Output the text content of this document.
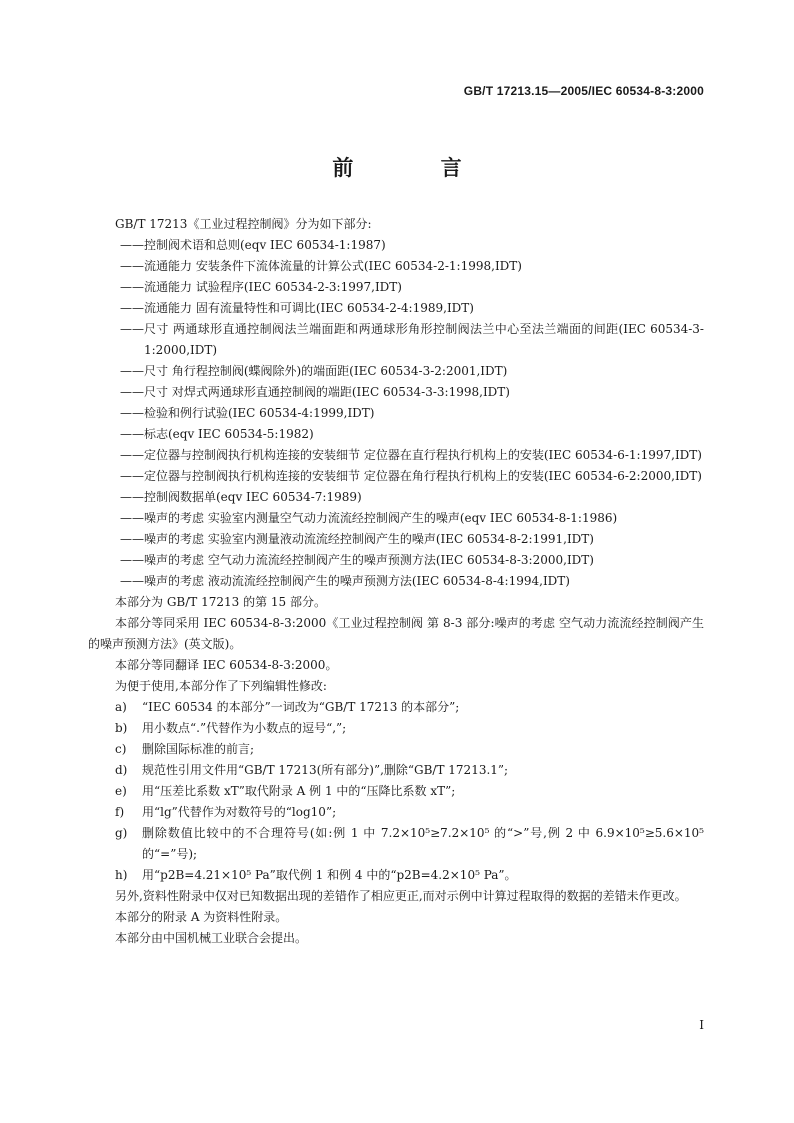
GB/T 17213.15—2005/IEC 60534-8-3:2000
前 言

GB/T 17213《工业过程控制阀》分为如下部分:

—— 控制阀术语和总则(eqv IEC 60534-1:1987)
—— 流通能力 安装条件下流体流量的计算公式(IEC 60534-2-1:1998,IDT)
—— 流通能力 试验程序(IEC 60534-2-3:1997,IDT)
—— 流通能力 固有流量特性和可调比(IEC 60534-2-4:1989,IDT)
—— 尺寸 两通球形直通控制阀法兰端面距和两通球形角形控制阀法兰中心至法兰端面的间距(IEC 60534-3-1:2000,IDT)
—— 尺寸 角行程控制阀(蝶阀除外)的端面距(IEC 60534-3-2:2001,IDT)
—— 尺寸 对焊式两通球形直通控制阀的端距(IEC 60534-3-3:1998,IDT)
—— 检验和例行试验(IEC 60534-4:1999,IDT)
—— 标志(eqv IEC 60534-5:1982)
—— 定位器与控制阀执行机构连接的安装细节 定位器在直行程执行机构上的安装(IEC 60534-6-1:1997,IDT)
—— 定位器与控制阀执行机构连接的安装细节 定位器在角行程执行机构上的安装(IEC 60534-6-2:2000,IDT)
—— 控制阀数据单(eqv IEC 60534-7:1989)
—— 噪声的考虑 实验室内测量空气动力流流经控制阀产生的噪声(eqv IEC 60534-8-1:1986)
—— 噪声的考虑 实验室内测量液动流流经控制阀产生的噪声(IEC 60534-8-2:1991,IDT)
—— 噪声的考虑 空气动力流流经控制阀产生的噪声预测方法(IEC 60534-8-3:2000,IDT)
—— 噪声的考虑 液动流流经控制阀产生的噪声预测方法(IEC 60534-8-4:1994,IDT)

本部分为 GB/T 17213 的第 15 部分。

本部分等同采用 IEC 60534-8-3:2000《工业过程控制阀 第 8-3 部分:噪声的考虑 空气动力流流经控制阀产生的噪声预测方法》(英文版)。

本部分等同翻译 IEC 60534-8-3:2000。

为便于使用,本部分作了下列编辑性修改:

a)	“IEC 60534 的本部分”一词改为“GB/T 17213 的本部分”;
b)	用小数点“.”代替作为小数点的逗号“,”;
c)	删除国际标准的前言;
d)	规范性引用文件用“GB/T 17213(所有部分)”,删除“GB/T 17213.1”;
e)	用“压差比系数 xT”取代附录 A 例 1 中的“压降比系数 xT”;
f)	用“lg”代替作为对数符号的“log10”;
g)	删除数值比较中的不合理符号(如:例 1 中 7.2×10⁵≥7.2×10⁵ 的“>”号,例 2 中 6.9×10⁵≥5.6×10⁵ 的“=”号);
h)	用“p2B=4.21×10⁵ Pa”取代例 1 和例 4 中的“p2B=4.2×10⁵ Pa”。

另外,资料性附录中仅对已知数据出现的差错作了相应更正,而对示例中计算过程取得的数据的差错未作更改。

本部分的附录 A 为资料性附录。

本部分由中国机械工业联合会提出。

I
